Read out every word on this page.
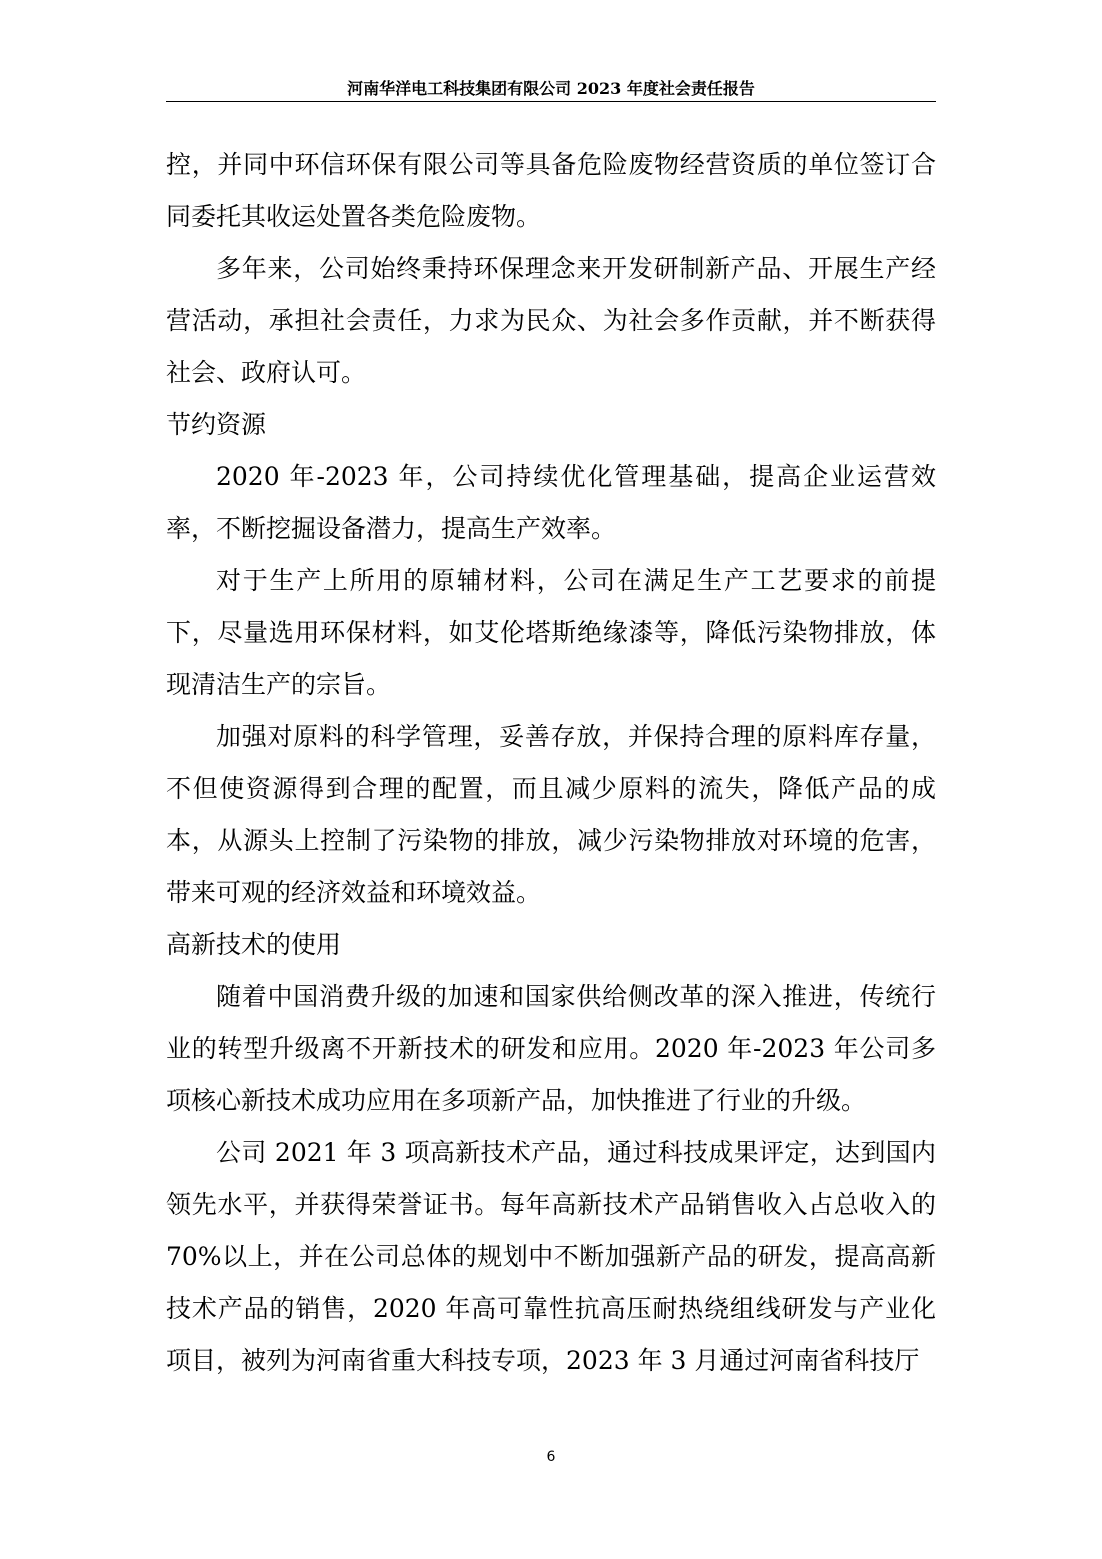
河南华洋电工科技集团有限公司 2023 年度社会责任报告

控，并同中环信环保有限公司等具备危险废物经营资质的单位签订合同委托其收运处置各类危险废物。

多年来，公司始终秉持环保理念来开发研制新产品、开展生产经营活动，承担社会责任，力求为民众、为社会多作贡献，并不断获得社会、政府认可。

节约资源

2020 年-2023 年，公司持续优化管理基础，提高企业运营效率，不断挖掘设备潜力，提高生产效率。

对于生产上所用的原辅材料，公司在满足生产工艺要求的前提下，尽量选用环保材料，如艾伦塔斯绝缘漆等，降低污染物排放，体现清洁生产的宗旨。

加强对原料的科学管理，妥善存放，并保持合理的原料库存量，不但使资源得到合理的配置，而且减少原料的流失，降低产品的成本，从源头上控制了污染物的排放，减少污染物排放对环境的危害，带来可观的经济效益和环境效益。

高新技术的使用

随着中国消费升级的加速和国家供给侧改革的深入推进，传统行业的转型升级离不开新技术的研发和应用。2020 年-2023 年公司多项核心新技术成功应用在多项新产品，加快推进了行业的升级。

公司 2021 年 3 项高新技术产品，通过科技成果评定，达到国内领先水平，并获得荣誉证书。每年高新技术产品销售收入占总收入的 70%以上，并在公司总体的规划中不断加强新产品的研发，提高高新技术产品的销售，2020 年高可靠性抗高压耐热绕组线研发与产业化项目，被列为河南省重大科技专项，2023 年 3 月通过河南省科技厅

6
